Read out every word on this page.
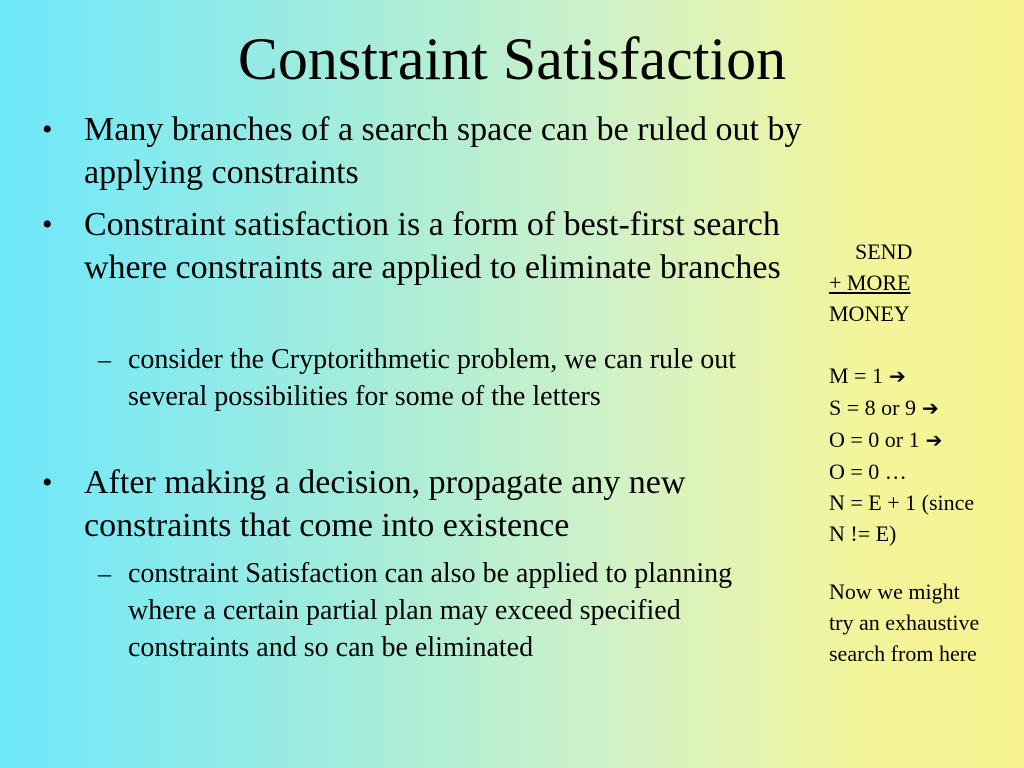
Constraint Satisfaction
• Many branches of a search space can be ruled out by applying constraints
• Constraint satisfaction is a form of best-first search where constraints are applied to eliminate branches
– consider the Cryptorithmetic problem, we can rule out several possibilities for some of the letters
• After making a decision, propagate any new constraints that come into existence
– constraint Satisfaction can also be applied to planning where a certain partial plan may exceed specified constraints and so can be eliminated
SEND
+ MORE
MONEY
M = 1 ➔
S = 8 or 9 ➔
O = 0 or 1 ➔
O = 0 …
N = E + 1 (since
N != E)
Now we might
try an exhaustive
search from here
